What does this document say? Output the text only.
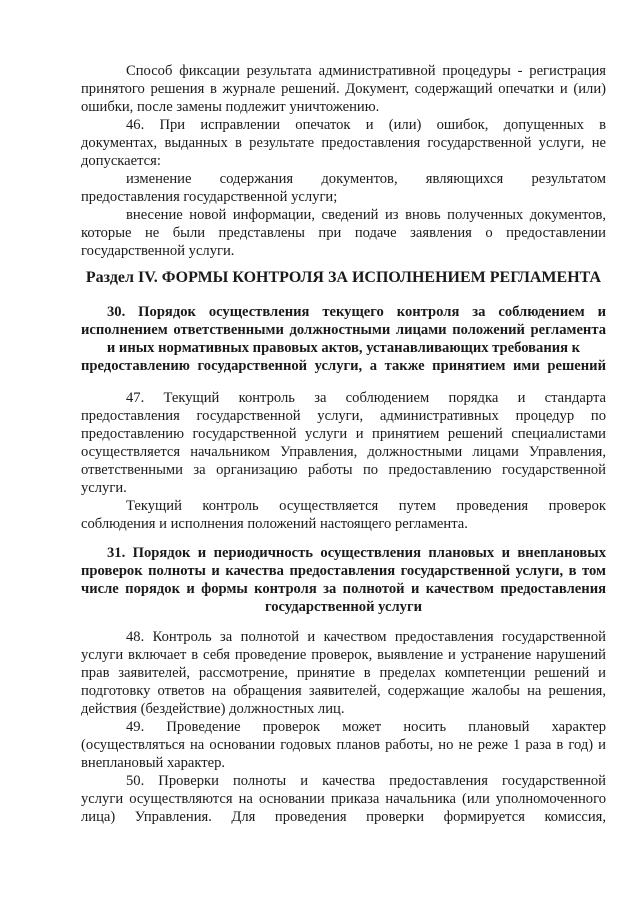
Способ фиксации результата административной процедуры - регистрация
принятого решения в журнале решений. Документ, содержащий опечатки и (или)
ошибки, после замены подлежит уничтожению.
46. При исправлении опечаток и (или) ошибок, допущенных в
документах, выданных в результате предоставления государственной услуги, не
допускается:
изменение содержания документов, являющихся результатом
предоставления государственной услуги;
внесение новой информации, сведений из вновь полученных документов,
которые не были представлены при подаче заявления о предоставлении
государственной услуги.
Раздел IV. ФОРМЫ КОНТРОЛЯ ЗА ИСПОЛНЕНИЕМ РЕГЛАМЕНТА
30. Порядок осуществления текущего контроля за соблюдением и
исполнением ответственными должностными лицами положений регламента
и иных нормативных правовых актов, устанавливающих требования к
предоставлению государственной услуги, а также принятием ими решений
47. Текущий контроль за соблюдением порядка и стандарта
предоставления государственной услуги, административных процедур по
предоставлению государственной услуги и принятием решений специалистами
осуществляется начальником Управления, должностными лицами Управления,
ответственными за организацию работы по предоставлению государственной
услуги.
Текущий контроль осуществляется путем проведения проверок
соблюдения и исполнения положений настоящего регламента.
31. Порядок и периодичность осуществления плановых и внеплановых
проверок полноты и качества предоставления государственной услуги, в том
числе порядок и формы контроля за полнотой и качеством предоставления
государственной услуги
48. Контроль за полнотой и качеством предоставления государственной
услуги включает в себя проведение проверок, выявление и устранение нарушений
прав заявителей, рассмотрение, принятие в пределах компетенции решений и
подготовку ответов на обращения заявителей, содержащие жалобы на решения,
действия (бездействие) должностных лиц.
49. Проведение проверок может носить плановый характер
(осуществляться на основании годовых планов работы, но не реже 1 раза в год) и
внеплановый характер.
50. Проверки полноты и качества предоставления государственной
услуги осуществляются на основании приказа начальника (или уполномоченного
лица) Управления. Для проведения проверки формируется комиссия,
